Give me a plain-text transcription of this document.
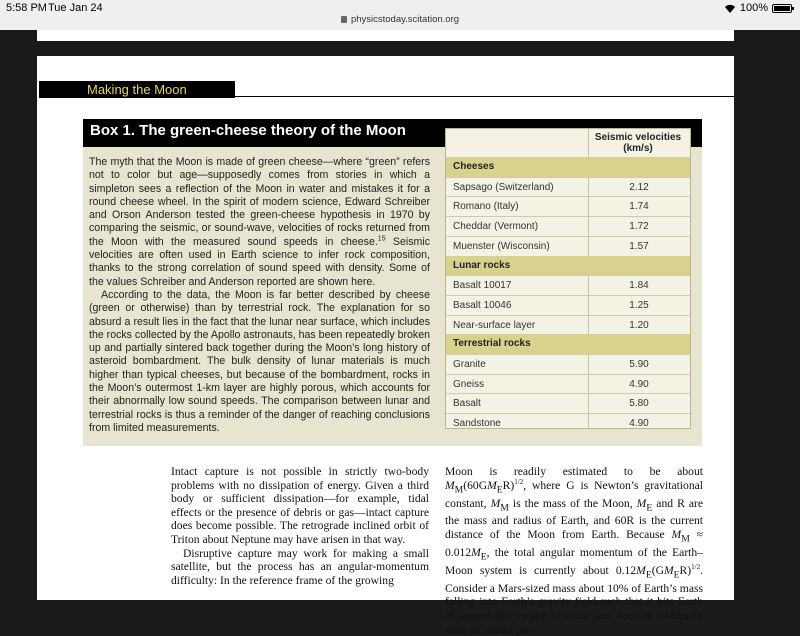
5:58 PM Tue Jan 24	100%
physicstoday.scitation.org
Making the Moon
Box 1. The green-cheese theory of the Moon

The myth that the Moon is made of green cheese—where “green” refers not to color but age—supposedly comes from stories in which a simpleton sees a reflection of the Moon in water and mistakes it for a round cheese wheel. In the spirit of modern science, Edward Schreiber and Orson Anderson tested the green-cheese hypothesis in 1970 by comparing the seismic, or sound-wave, velocities of rocks returned from the Moon with the measured sound speeds in cheese.$^{15}$ Seismic velocities are often used in Earth science to infer rock composition, thanks to the strong correlation of sound speed with density. Some of the values Schreiber and Anderson reported are shown here.

According to the data, the Moon is far better described by cheese (green or otherwise) than by terrestrial rock. The explanation for so absurd a result lies in the fact that the lunar near surface, which includes the rocks collected by the Apollo astronauts, has been repeatedly broken up and partially sintered back together during the Moon’s long history of asteroid bombardment. The bulk density of lunar materials is much higher than typical cheeses, but because of the bombardment, rocks in the Moon’s outermost 1-km layer are highly porous, which accounts for their abnormally low sound speeds. The comparison between lunar and terrestrial rocks is thus a reminder of the danger of reaching conclusions from limited measurements.

Seismic velocities
(km/s)
Cheeses
Sapsago (Switzerland)	2.12
Romano (Italy)	1.74
Cheddar (Vermont)	1.72
Muenster (Wisconsin)	1.57
Lunar rocks
Basalt 10017	1.84
Basalt 10046	1.25
Near-surface layer	1.20
Terrestrial rocks
Granite	5.90
Gneiss	4.90
Basalt	5.80
Sandstone	4.90

Intact capture is not possible in strictly two-body problems with no dissipation of energy. Given a third body or sufficient dissipation—for example, tidal effects or the presence of debris or gas—intact capture does become possible. The retrograde inclined orbit of Triton about Neptune may have arisen in that way.

Disruptive capture may work for making a small satellite, but the process has an angular-momentum difficulty: In the reference frame of the growing

Moon is readily estimated to be about $M_M(60GM_ER)^{1/2}$, where G is Newton’s gravitational constant, $M_M$ is the mass of the Moon, $M_E$ and R are the mass and radius of Earth, and 60R is the current distance of the Moon from Earth. Because $M_M \approx 0.012M_E$, the total angular momentum of the Earth–Moon system is currently about $0.12M_E(GM_ER)^{1/2}$. Consider a Mars-sized mass about 10% of Earth’s mass falling into Earth’s gravity field such that it hits Earth at around the escape velocity and does so obliquely with an impact pa-
